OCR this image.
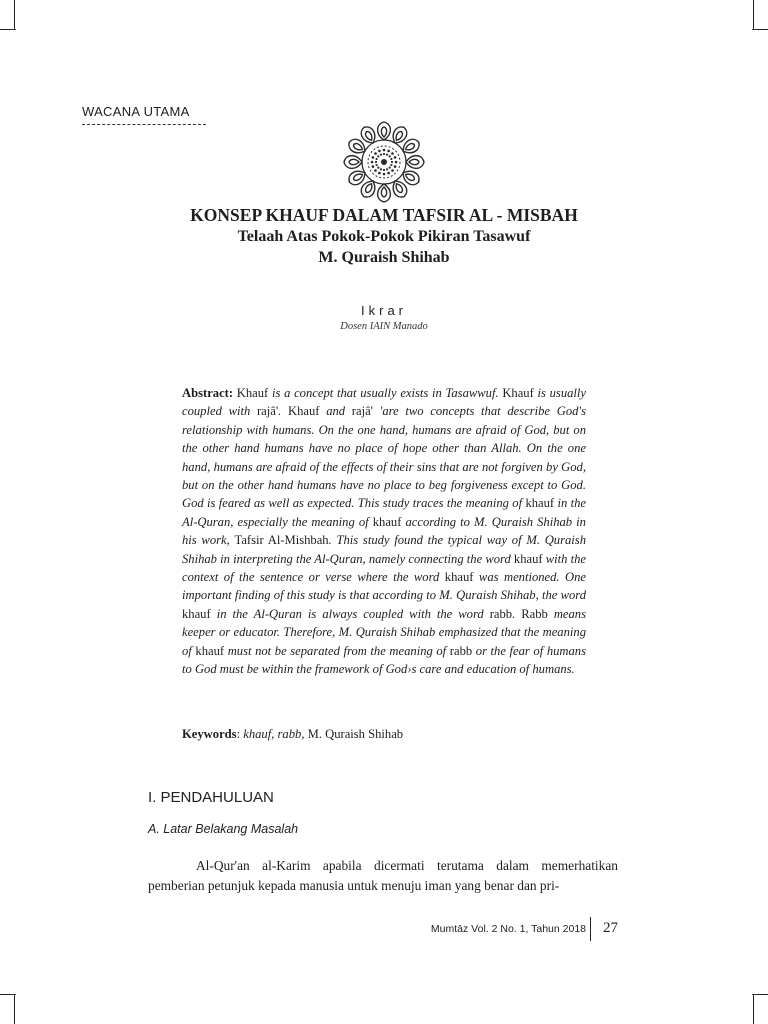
WACANA UTAMA
KONSEP KHAUF DALAM TAFSIR AL - MISBAH
Telaah Atas Pokok-Pokok Pikiran Tasawuf
M. Quraish Shihab
Ikrar
Dosen IAIN Manado
Abstract: Khauf is a concept that usually exists in Tasawwuf. Khauf is usually coupled with rajâ'. Khauf and rajâ' 'are two concepts that describe God's relationship with humans. On the one hand, humans are afraid of God, but on the other hand humans have no place of hope other than Allah. On the one hand, humans are afraid of the effects of their sins that are not forgiven by God, but on the other hand humans have no place to beg forgiveness except to God. God is feared as well as expected. This study traces the meaning of khauf in the Al-Quran, especially the meaning of khauf according to M. Quraish Shihab in his work, Tafsir Al-Mishbah. This study found the typical way of M. Quraish Shihab in interpreting the Al-Quran, namely connecting the word khauf with the context of the sentence or verse where the word khauf was mentioned. One important finding of this study is that according to M. Quraish Shihab, the word khauf in the Al-Quran is always coupled with the word rabb. Rabb means keeper or educator. Therefore, M. Quraish Shihab emphasized that the meaning of khauf must not be separated from the meaning of rabb or the fear of humans to God must be within the framework of God›s care and education of humans.
Keywords: khauf, rabb, M. Quraish Shihab
I. PENDAHULUAN
A. Latar Belakang Masalah
Al-Qur'an al-Karim apabila dicermati terutama dalam memerhatikan pemberian petunjuk kepada manusia untuk menuju iman yang benar dan pri-
Mumtāz Vol. 2 No. 1, Tahun 2018 27
